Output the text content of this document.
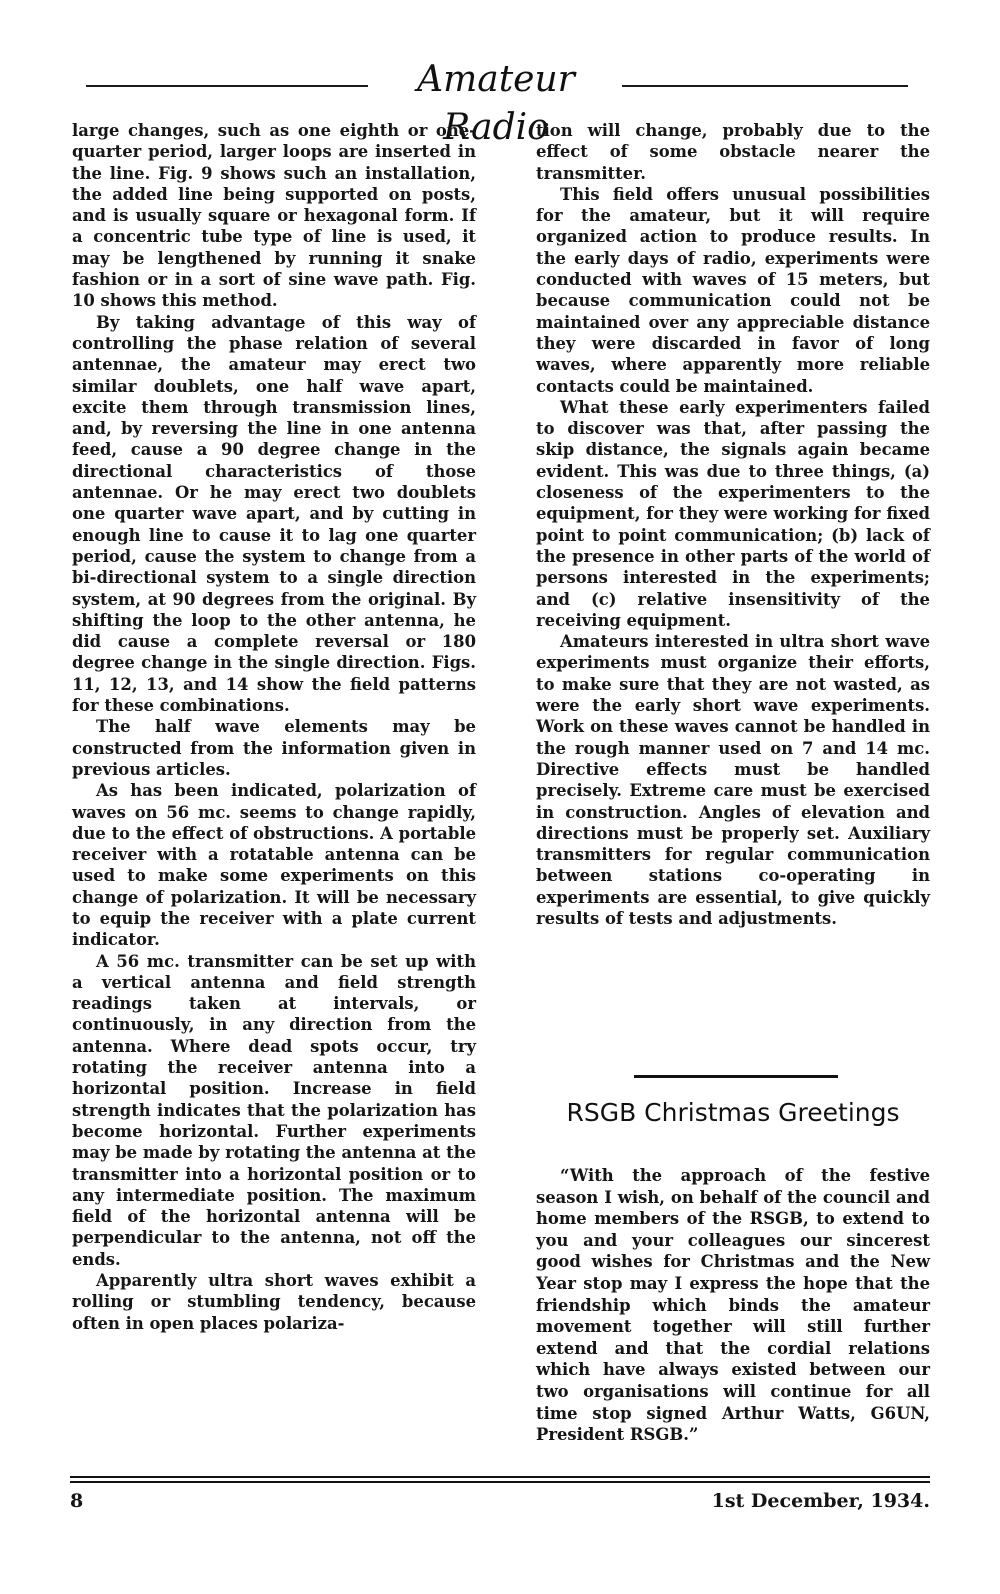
Amateur Radio

large changes, such as one eighth or one-quarter period, larger loops are inserted in the line. Fig. 9 shows such an installation, the added line being supported on posts, and is usually square or hexagonal form. If a concentric tube type of line is used, it may be lengthened by running it snake fashion or in a sort of sine wave path. Fig. 10 shows this method.

By taking advantage of this way of controlling the phase relation of several antennae, the amateur may erect two similar doublets, one half wave apart, excite them through transmission lines, and, by reversing the line in one antenna feed, cause a 90 degree change in the directional characteristics of those antennae. Or he may erect two doublets one quarter wave apart, and by cutting in enough line to cause it to lag one quarter period, cause the system to change from a bi-directional system to a single direction system, at 90 degrees from the original. By shifting the loop to the other antenna, he did cause a complete reversal or 180 degree change in the single direction. Figs. 11, 12, 13, and 14 show the field patterns for these combinations.

The half wave elements may be constructed from the information given in previous articles.

As has been indicated, polarization of waves on 56 mc. seems to change rapidly, due to the effect of obstructions. A portable receiver with a rotatable antenna can be used to make some experiments on this change of polarization. It will be necessary to equip the receiver with a plate current indicator.

A 56 mc. transmitter can be set up with a vertical antenna and field strength readings taken at intervals, or continuously, in any direction from the antenna. Where dead spots occur, try rotating the receiver antenna into a horizontal position. Increase in field strength indicates that the polarization has become horizontal. Further experiments may be made by rotating the antenna at the transmitter into a horizontal position or to any intermediate position. The maximum field of the horizontal antenna will be perpendicular to the antenna, not off the ends.

Apparently ultra short waves exhibit a rolling or stumbling tendency, because often in open places polariza-

tion will change, probably due to the effect of some obstacle nearer the transmitter.

This field offers unusual possibilities for the amateur, but it will require organized action to produce results. In the early days of radio, experiments were conducted with waves of 15 meters, but because communication could not be maintained over any appreciable distance they were discarded in favor of long waves, where apparently more reliable contacts could be maintained.

What these early experimenters failed to discover was that, after passing the skip distance, the signals again became evident. This was due to three things, (a) closeness of the experimenters to the equipment, for they were working for fixed point to point communication; (b) lack of the presence in other parts of the world of persons interested in the experiments; and (c) relative insensitivity of the receiving equipment.

Amateurs interested in ultra short wave experiments must organize their efforts, to make sure that they are not wasted, as were the early short wave experiments. Work on these waves cannot be handled in the rough manner used on 7 and 14 mc. Directive effects must be handled precisely. Extreme care must be exercised in construction. Angles of elevation and directions must be properly set. Auxiliary transmitters for regular communication between stations co-operating in experiments are essential, to give quickly results of tests and adjustments.

RSGB Christmas Greetings

“With the approach of the festive season I wish, on behalf of the council and home members of the RSGB, to extend to you and your colleagues our sincerest good wishes for Christmas and the New Year stop may I express the hope that the friendship which binds the amateur movement together will still further extend and that the cordial relations which have always existed between our two organisations will continue for all time stop signed Arthur Watts, G6UN, President RSGB.”

8	1st December, 1934.
